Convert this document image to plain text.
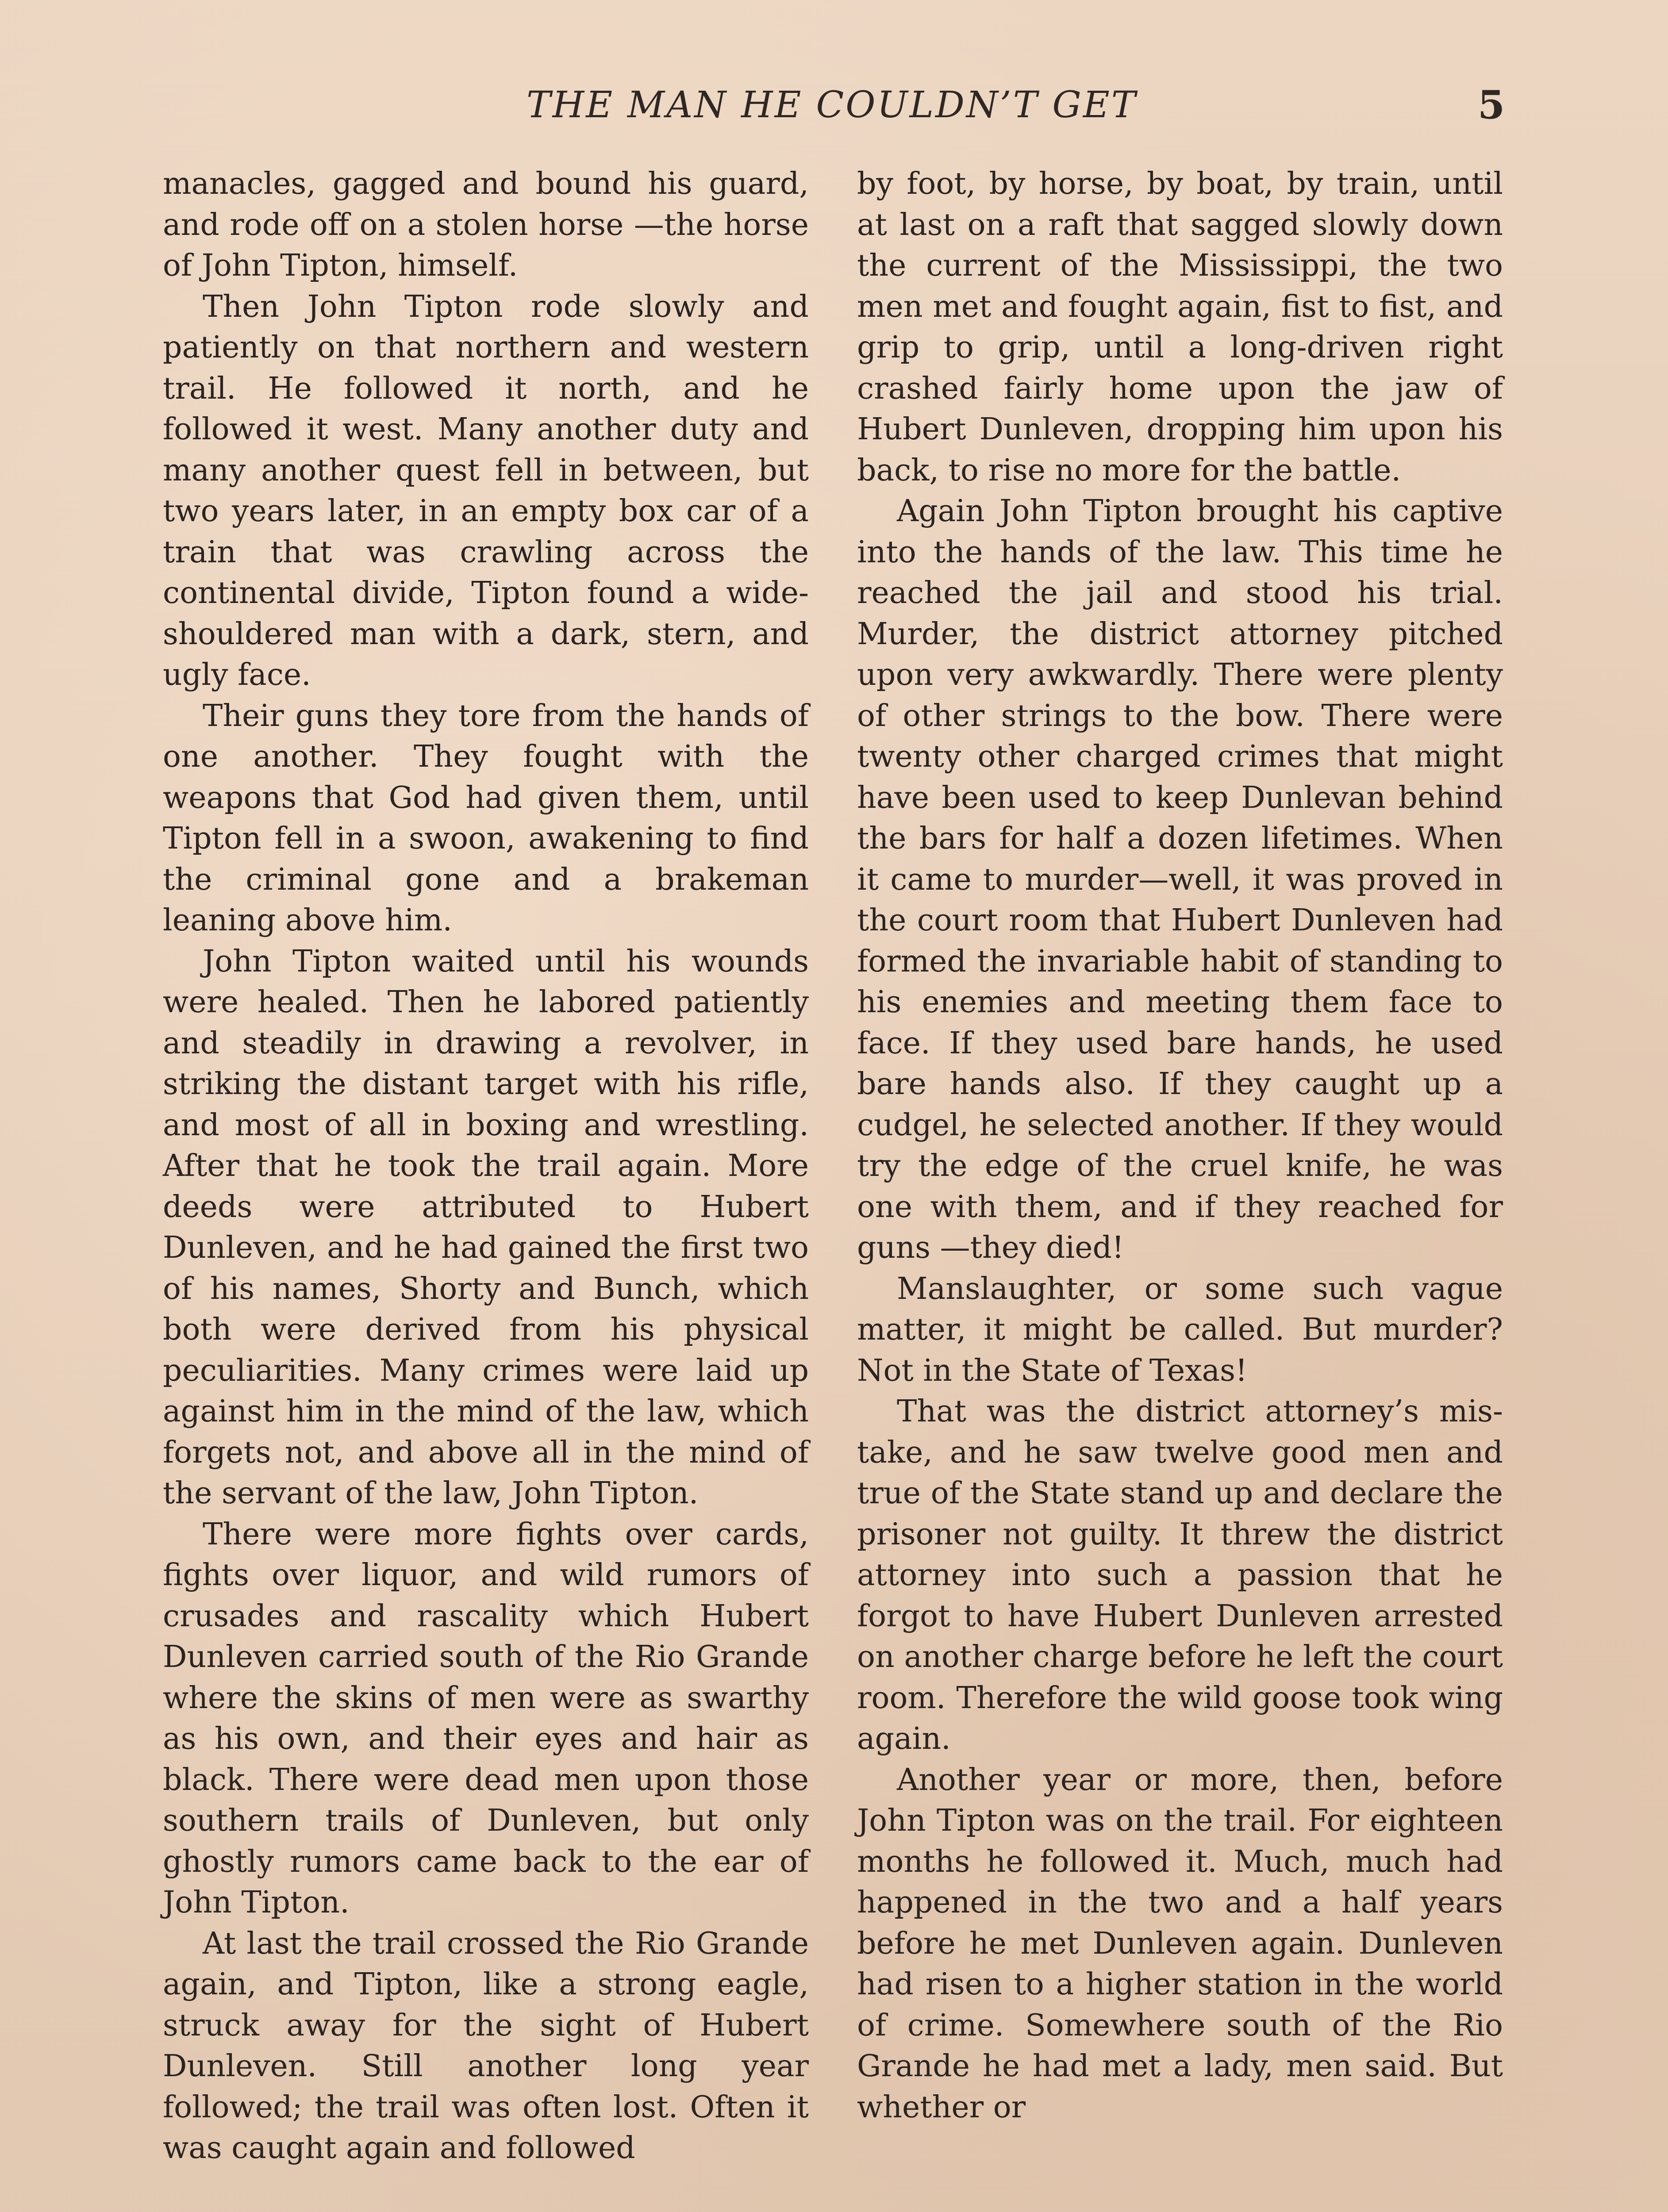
THE MAN HE COULDN’T GET	5

manacles, gagged and bound his guard, and rode off on a stolen horse —the horse of John Tipton, himself.

Then John Tipton rode slowly and patiently on that northern and western trail. He followed it north, and he followed it west. Many another duty and many another quest fell in between, but two years later, in an empty box car of a train that was crawling across the continental divide, Tipton found a wide-shouldered man with a dark, stern, and ugly face.

Their guns they tore from the hands of one another. They fought with the weapons that God had given them, until Tipton fell in a swoon, awakening to find the criminal gone and a brakeman leaning above him.

John Tipton waited until his wounds were healed. Then he labored patiently and steadily in drawing a revolver, in striking the distant target with his rifle, and most of all in boxing and wrestling. After that he took the trail again. More deeds were attributed to Hubert Dunleven, and he had gained the first two of his names, Shorty and Bunch, which both were derived from his physical peculiarities. Many crimes were laid up against him in the mind of the law, which forgets not, and above all in the mind of the servant of the law, John Tipton.

There were more fights over cards, fights over liquor, and wild rumors of crusades and rascality which Hubert Dunleven carried south of the Rio Grande where the skins of men were as swarthy as his own, and their eyes and hair as black. There were dead men upon those southern trails of Dunleven, but only ghostly rumors came back to the ear of John Tipton.

At last the trail crossed the Rio Grande again, and Tipton, like a strong eagle, struck away for the sight of Hubert Dunleven. Still another long year followed; the trail was often lost. Often it was caught again and followed

by foot, by horse, by boat, by train, until at last on a raft that sagged slowly down the current of the Mississippi, the two men met and fought again, fist to fist, and grip to grip, until a long-driven right crashed fairly home upon the jaw of Hubert Dunleven, dropping him upon his back, to rise no more for the battle.

Again John Tipton brought his captive into the hands of the law. This time he reached the jail and stood his trial. Murder, the district attorney pitched upon very awkwardly. There were plenty of other strings to the bow. There were twenty other charged crimes that might have been used to keep Dunlevan behind the bars for half a dozen lifetimes. When it came to murder—well, it was proved in the court room that Hubert Dunleven had formed the invariable habit of standing to his enemies and meeting them face to face. If they used bare hands, he used bare hands also. If they caught up a cudgel, he selected another. If they would try the edge of the cruel knife, he was one with them, and if they reached for guns —they died!

Manslaughter, or some such vague matter, it might be called. But murder? Not in the State of Texas!

That was the district attorney’s mistake, and he saw twelve good men and true of the State stand up and declare the prisoner not guilty. It threw the district attorney into such a passion that he forgot to have Hubert Dunleven arrested on another charge before he left the court room. Therefore the wild goose took wing again.

Another year or more, then, before John Tipton was on the trail. For eighteen months he followed it. Much, much had happened in the two and a half years before he met Dunleven again. Dunleven had risen to a higher station in the world of crime. Somewhere south of the Rio Grande he had met a lady, men said. But whether or
